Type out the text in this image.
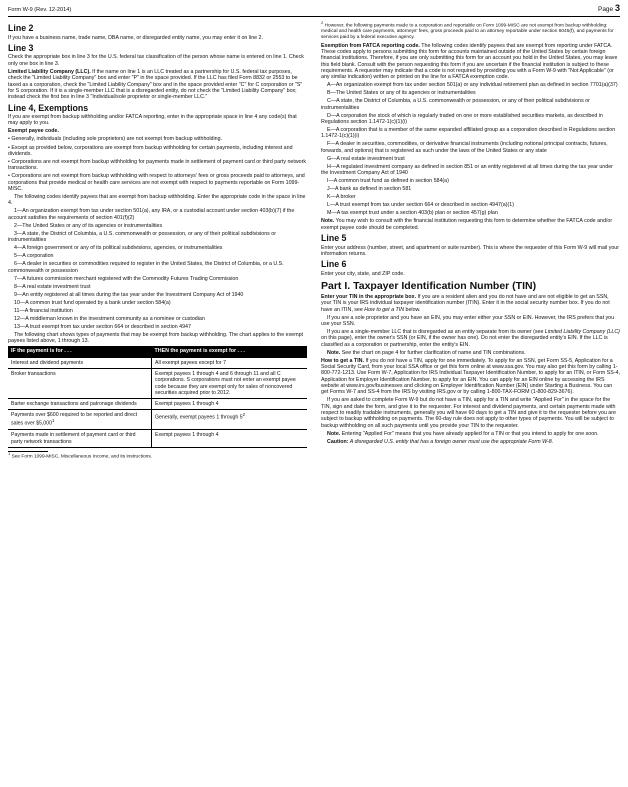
Form W-9 (Rev. 12-2014)	Page 3
Line 2

If you have a business name, trade name, DBA name, or disregarded entity name, you may enter it on line 2.

Line 3

Check the appropriate box in line 3 for the U.S. federal tax classification of the person whose name is entered on line 1. Check only one box in line 3.

Limited Liability Company (LLC). If the name on line 1 is an LLC treated as a partnership for U.S. federal tax purposes, check the "Limited Liability Company" box and enter "P" in the space provided. If the LLC has filed Form 8832 or 2553 to be taxed as a corporation, check the "Limited Liability Company" box and in the space provided enter "C" for C corporation or "S" for S corporation. If it is a single-member LLC that is a disregarded entity, do not check the "Limited Liability Company" box; instead check the first box in line 3 "Individual/sole proprietor or single-member LLC."

Line 4, Exemptions

If you are exempt from backup withholding and/or FATCA reporting, enter in the appropriate space in line 4 any code(s) that may apply to you.

Exempt payee code.

• Generally, individuals (including sole proprietors) are not exempt from backup withholding.

• Except as provided below, corporations are exempt from backup withholding for certain payments, including interest and dividends.

• Corporations are not exempt from backup withholding for payments made in settlement of payment card or third party network transactions.

• Corporations are not exempt from backup withholding with respect to attorneys' fees or gross proceeds paid to attorneys, and corporations that provide medical or health care services are not exempt with respect to payments reportable on Form 1099-MISC.

The following codes identify payees that are exempt from backup withholding. Enter the appropriate code in the space in line 4.

1—An organization exempt from tax under section 501(a), any IRA, or a custodial account under section 403(b)(7) if the account satisfies the requirements of section 401(f)(2)

2—The United States or any of its agencies or instrumentalities

3—A state, the District of Columbia, a U.S. commonwealth or possession, or any of their political subdivisions or instrumentalities

4—A foreign government or any of its political subdivisions, agencies, or instrumentalities

5—A corporation

6—A dealer in securities or commodities required to register in the United States, the District of Columbia, or a U.S. commonwealth or possession

7—A futures commission merchant registered with the Commodity Futures Trading Commission

8—A real estate investment trust

9—An entity registered at all times during the tax year under the Investment Company Act of 1940

10—A common trust fund operated by a bank under section 584(a)

11—A financial institution

12—A middleman known in the investment community as a nominee or custodian

13—A trust exempt from tax under section 664 or described in section 4947

The following chart shows types of payments that may be exempt from backup withholding. The chart applies to the exempt payees listed above, 1 through 13.

IF the payment is for . . .	THEN the payment is exempt for . . .
Interest and dividend payments	All exempt payees except for 7
Broker transactions	Exempt payees 1 through 4 and 6 through 11 and all C corporations. S corporations must not enter an exempt payee code because they are exempt only for sales of noncovered securities acquired prior to 2012.
Barter exchange transactions and patronage dividends	Exempt payees 1 through 4
Payments over $600 required to be reported and direct sales over $5,000$^1$	Generally, exempt payees 1 through $5^2$
Payments made in settlement of payment card or third party network transactions	Exempt payees 1 through 4

$^1$ See Form 1099-MISC, Miscellaneous Income, and its instructions.

$^2$ However, the following payments made to a corporation and reportable on Form 1099-MISC are not exempt from backup withholding: medical and health care payments, attorneys' fees, gross proceeds paid to an attorney reportable under section 6045(f), and payments for services paid by a federal executive agency.

Exemption from FATCA reporting code. The following codes identify payees that are exempt from reporting under FATCA. These codes apply to persons submitting this form for accounts maintained outside of the United States by certain foreign financial institutions. Therefore, if you are only submitting this form for an account you hold in the United States, you may leave this field blank. Consult with the person requesting this form if you are uncertain if the financial institution is subject to these requirements. A requester may indicate that a code is not required by providing you with a Form W-9 with "Not Applicable" (or any similar indication) written or printed on the line for a FATCA exemption code.

A—An organization exempt from tax under section 501(a) or any individual retirement plan as defined in section 7701(a)(37)

B—The United States or any of its agencies or instrumentalities

C—A state, the District of Columbia, a U.S. commonwealth or possession, or any of their political subdivisions or instrumentalities

D—A corporation the stock of which is regularly traded on one or more established securities markets, as described in Regulations section 1.1472-1(c)(1)(i)

E—A corporation that is a member of the same expanded affiliated group as a corporation described in Regulations section 1.1472-1(c)(1)(i)

F—A dealer in securities, commodities, or derivative financial instruments (including notional principal contracts, futures, forwards, and options) that is registered as such under the laws of the United States or any state

G—A real estate investment trust

H—A regulated investment company as defined in section 851 or an entity registered at all times during the tax year under the Investment Company Act of 1940

I—A common trust fund as defined in section 584(a)

J—A bank as defined in section 581

K—A broker

L—A trust exempt from tax under section 664 or described in section 4947(a)(1)

M—A tax exempt trust under a section 403(b) plan or section 457(g) plan

Note. You may wish to consult with the financial institution requesting this form to determine whether the FATCA code and/or exempt payee code should be completed.

Line 5

Enter your address (number, street, and apartment or suite number). This is where the requester of this Form W-9 will mail your information returns.

Line 6

Enter your city, state, and ZIP code.

Part I. Taxpayer Identification Number (TIN)

Enter your TIN in the appropriate box. If you are a resident alien and you do not have and are not eligible to get an SSN, your TIN is your IRS individual taxpayer identification number (ITIN). Enter it in the social security number box. If you do not have an ITIN, see How to get a TIN below.

If you are a sole proprietor and you have an EIN, you may enter either your SSN or EIN. However, the IRS prefers that you use your SSN.

If you are a single-member LLC that is disregarded as an entity separate from its owner (see Limited Liability Company (LLC) on this page), enter the owner's SSN (or EIN, if the owner has one). Do not enter the disregarded entity's EIN. If the LLC is classified as a corporation or partnership, enter the entity's EIN.

Note. See the chart on page 4 for further clarification of name and TIN combinations.

How to get a TIN. If you do not have a TIN, apply for one immediately. To apply for an SSN, get Form SS-5, Application for a Social Security Card, from your local SSA office or get this form online at www.ssa.gov. You may also get this form by calling 1-800-772-1213. Use Form W-7, Application for IRS Individual Taxpayer Identification Number, to apply for an ITIN, or Form SS-4, Application for Employer Identification Number, to apply for an EIN. You can apply for an EIN online by accessing the IRS website at www.irs.gov/businesses and clicking on Employer Identification Number (EIN) under Starting a Business. You can get Forms W-7 and SS-4 from the IRS by visiting IRS.gov or by calling 1-800-TAX-FORM (1-800-829-3676).

If you are asked to complete Form W-9 but do not have a TIN, apply for a TIN and write "Applied For" in the space for the TIN, sign and date the form, and give it to the requester. For interest and dividend payments, and certain payments made with respect to readily tradable instruments, generally you will have 60 days to get a TIN and give it to the requester before you are subject to backup withholding on payments. The 60-day rule does not apply to other types of payments. You will be subject to backup withholding on all such payments until you provide your TIN to the requester.

Note. Entering "Applied For" means that you have already applied for a TIN or that you intend to apply for one soon.

Caution: A disregarded U.S. entity that has a foreign owner must use the appropriate Form W-8.
